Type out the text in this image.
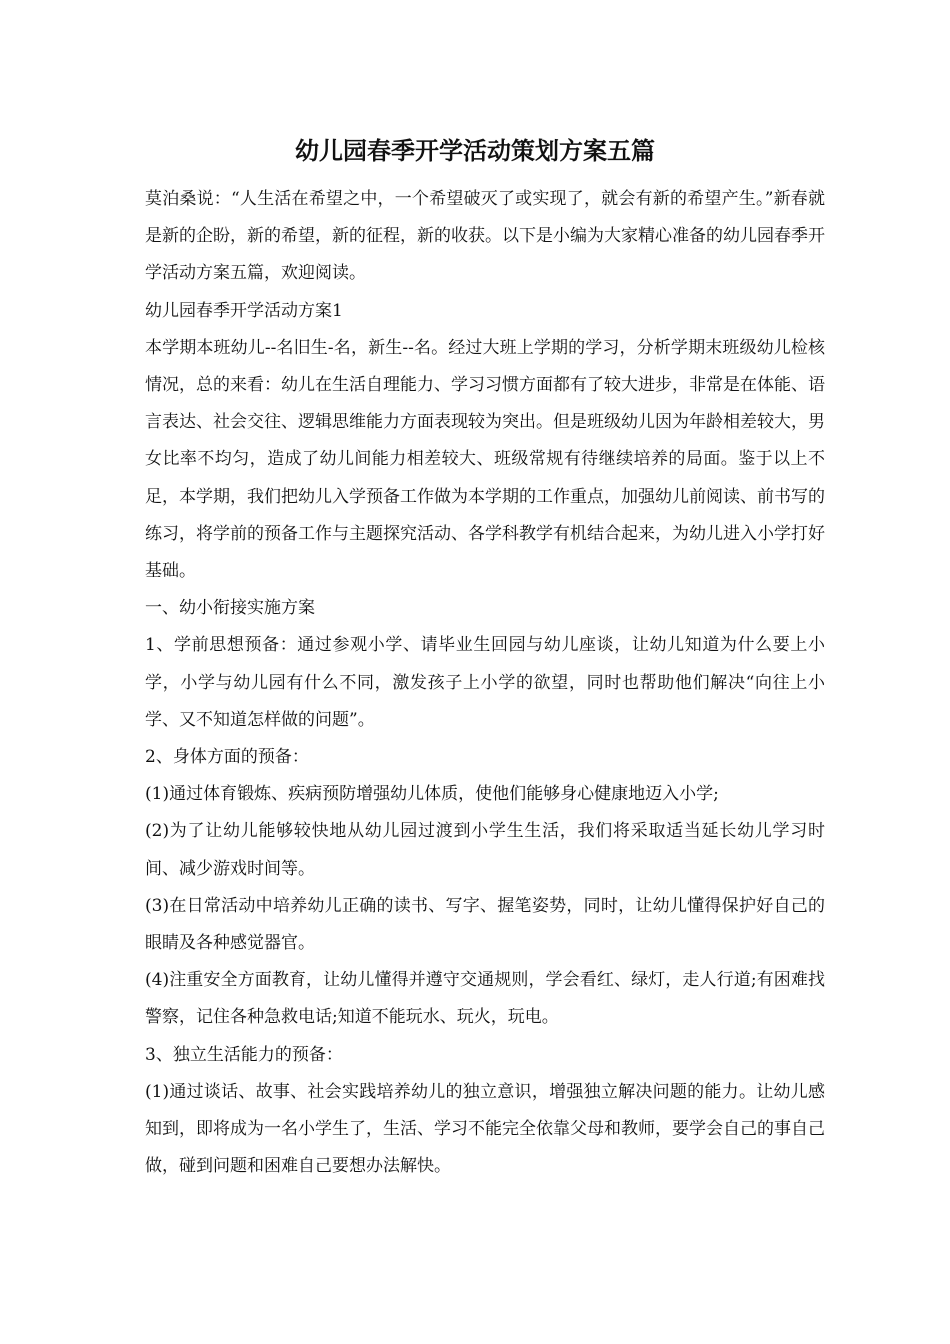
幼儿园春季开学活动策划方案五篇

莫泊桑说：“人生活在希望之中，一个希望破灭了或实现了，就会有新的希望产生。”新春就是新的企盼，新的希望，新的征程，新的收获。以下是小编为大家精心准备的幼儿园春季开学活动方案五篇，欢迎阅读。

幼儿园春季开学活动方案1

本学期本班幼儿--名旧生-名，新生--名。经过大班上学期的学习，分析学期末班级幼儿检核情况，总的来看：幼儿在生活自理能力、学习习惯方面都有了较大进步，非常是在体能、语言表达、社会交往、逻辑思维能力方面表现较为突出。但是班级幼儿因为年龄相差较大，男女比率不均匀，造成了幼儿间能力相差较大、班级常规有待继续培养的局面。鉴于以上不足，本学期，我们把幼儿入学预备工作做为本学期的工作重点，加强幼儿前阅读、前书写的练习，将学前的预备工作与主题探究活动、各学科教学有机结合起来，为幼儿进入小学打好基础。

一、幼小衔接实施方案

1、学前思想预备：通过参观小学、请毕业生回园与幼儿座谈，让幼儿知道为什么要上小学，小学与幼儿园有什么不同，激发孩子上小学的欲望，同时也帮助他们解决“向往上小学、又不知道怎样做的问题”。

2、身体方面的预备：

(1)通过体育锻炼、疾病预防增强幼儿体质，使他们能够身心健康地迈入小学;

(2)为了让幼儿能够较快地从幼儿园过渡到小学生生活，我们将采取适当延长幼儿学习时间、减少游戏时间等。

(3)在日常活动中培养幼儿正确的读书、写字、握笔姿势，同时，让幼儿懂得保护好自己的眼睛及各种感觉器官。

(4)注重安全方面教育，让幼儿懂得并遵守交通规则，学会看红、绿灯，走人行道;有困难找警察，记住各种急救电话;知道不能玩水、玩火，玩电。

3、独立生活能力的预备：

(1)通过谈话、故事、社会实践培养幼儿的独立意识，增强独立解决问题的能力。让幼儿感知到，即将成为一名小学生了，生活、学习不能完全依靠父母和教师，要学会自己的事自己做，碰到问题和困难自己要想办法解快。
